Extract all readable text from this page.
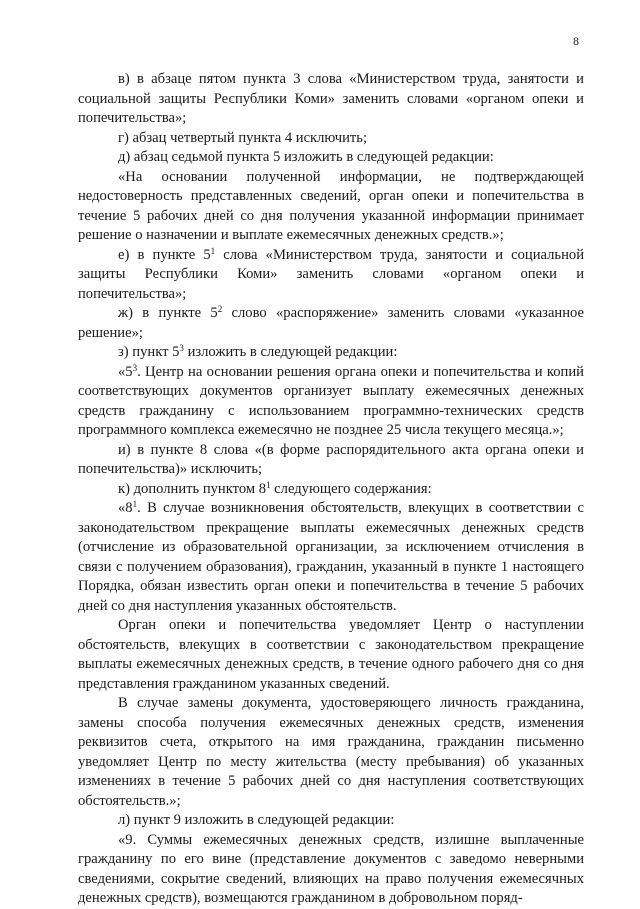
8

в) в абзаце пятом пункта 3 слова «Министерством труда, занятости и социальной защиты Республики Коми» заменить словами «органом опеки и попечительства»;

г) абзац четвертый пункта 4 исключить;

д) абзац седьмой пункта 5 изложить в следующей редакции:

«На основании полученной информации, не подтверждающей недостоверность представленных сведений, орган опеки и попечительства в течение 5 рабочих дней со дня получения указанной информации принимает решение о назначении и выплате ежемесячных денежных средств.»;

е) в пункте $5^1$ слова «Министерством труда, занятости и социальной защиты Республики Коми» заменить словами «органом опеки и попечительства»;

ж) в пункте $5^2$ слово «распоряжение» заменить словами «указанное решение»;

з) пункт $5^3$ изложить в следующей редакции:

«$5^3$. Центр на основании решения органа опеки и попечительства и копий соответствующих документов организует выплату ежемесячных денежных средств гражданину с использованием программно-технических средств программного комплекса ежемесячно не позднее 25 числа текущего месяца.»;

и) в пункте 8 слова «(в форме распорядительного акта органа опеки и попечительства)» исключить;

к) дополнить пунктом $8^1$ следующего содержания:

«$8^1$. В случае возникновения обстоятельств, влекущих в соответствии с законодательством прекращение выплаты ежемесячных денежных средств (отчисление из образовательной организации, за исключением отчисления в связи с получением образования), гражданин, указанный в пункте 1 настоящего Порядка, обязан известить орган опеки и попечительства в течение 5 рабочих дней со дня наступления указанных обстоятельств.

Орган опеки и попечительства уведомляет Центр о наступлении обстоятельств, влекущих в соответствии с законодательством прекращение выплаты ежемесячных денежных средств, в течение одного рабочего дня со дня представления гражданином указанных сведений.

В случае замены документа, удостоверяющего личность гражданина, замены способа получения ежемесячных денежных средств, изменения реквизитов счета, открытого на имя гражданина, гражданин письменно уведомляет Центр по месту жительства (месту пребывания) об указанных изменениях в течение 5 рабочих дней со дня наступления соответствующих обстоятельств.»;

л) пункт 9 изложить в следующей редакции:

«9. Суммы ежемесячных денежных средств, излишне выплаченные гражданину по его вине (представление документов с заведомо неверными сведениями, сокрытие сведений, влияющих на право получения ежемесячных денежных средств), возмещаются гражданином в добровольном поряд-
